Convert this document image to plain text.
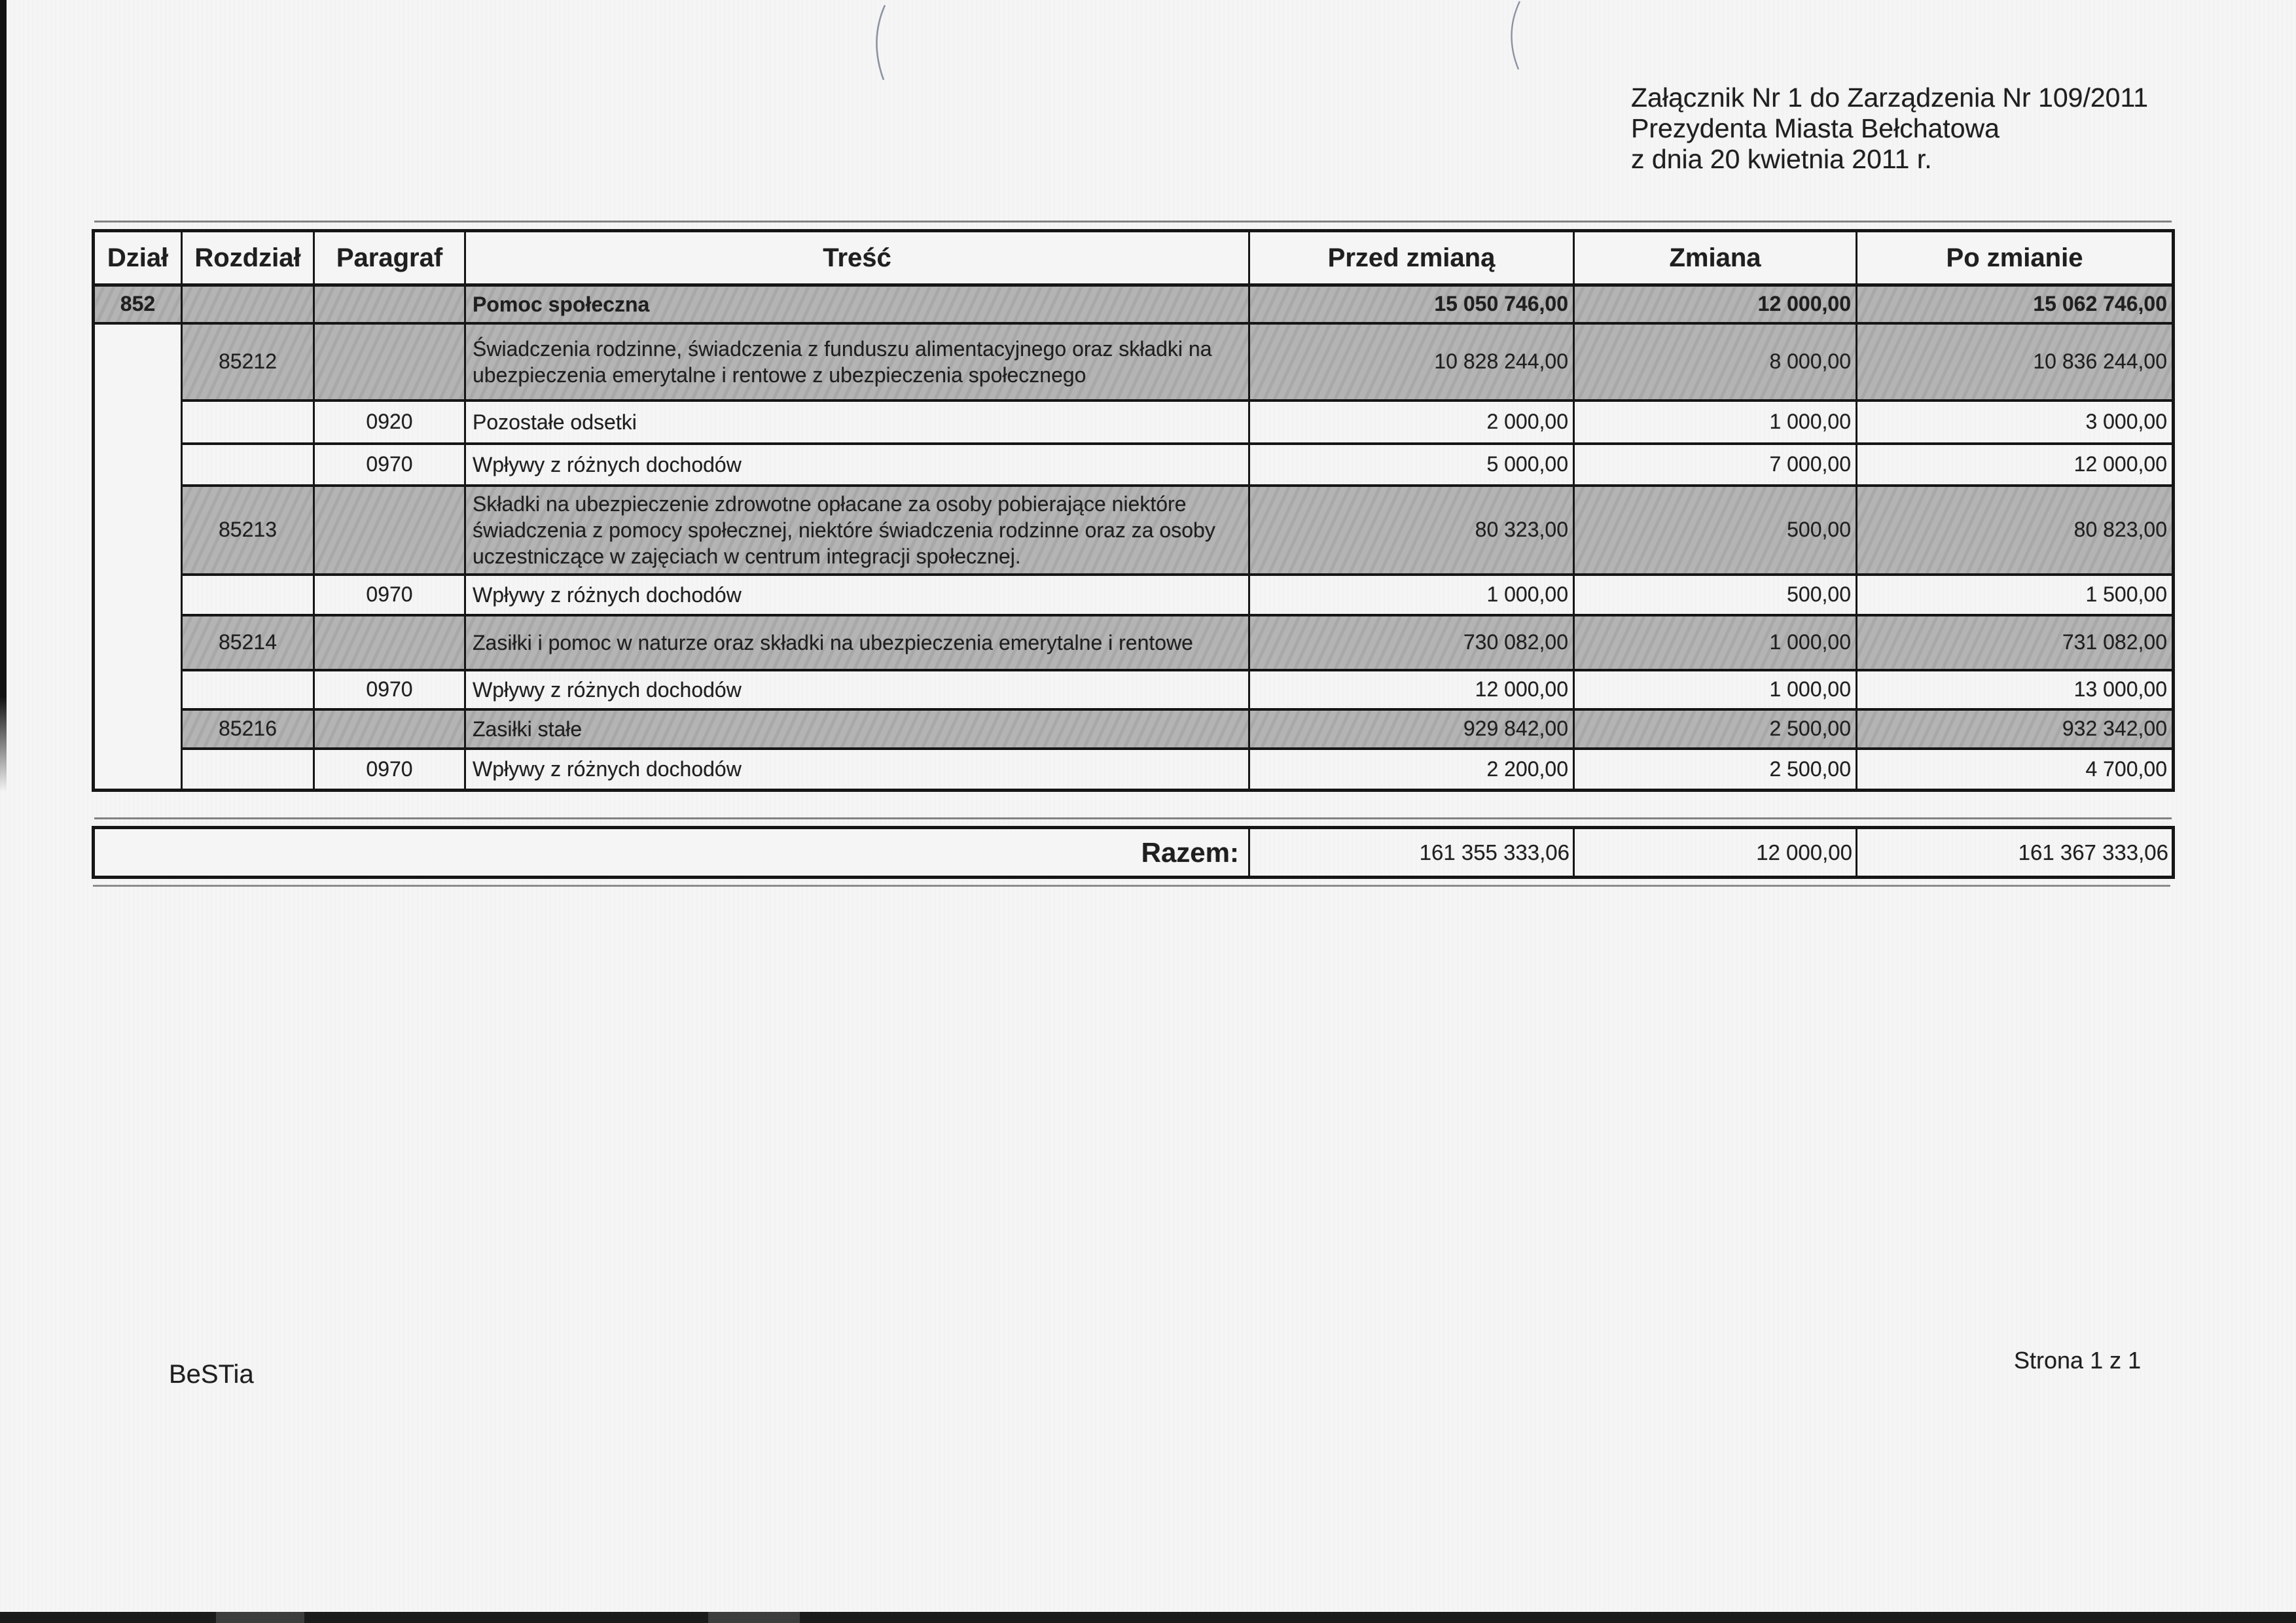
Załącznik Nr 1 do Zarządzenia Nr 109/2011
Prezydenta Miasta Bełchatowa
z dnia 20 kwietnia 2011 r.
Dział	Rozdział	Paragraf	Treść	Przed zmianą	Zmiana	Po zmianie
852			Pomoc społeczna	15 050 746,00	12 000,00	15 062 746,00
	85212		Świadczenia rodzinne, świadczenia z funduszu alimentacyjnego oraz składki na ubezpieczenia emerytalne i rentowe z ubezpieczenia społecznego	10 828 244,00	8 000,00	10 836 244,00
		0920	Pozostałe odsetki	2 000,00	1 000,00	3 000,00
		0970	Wpływy z różnych dochodów	5 000,00	7 000,00	12 000,00
	85213		Składki na ubezpieczenie zdrowotne opłacane za osoby pobierające niektóre świadczenia z pomocy społecznej, niektóre świadczenia rodzinne oraz za osoby uczestniczące w zajęciach w centrum integracji społecznej.	80 323,00	500,00	80 823,00
		0970	Wpływy z różnych dochodów	1 000,00	500,00	1 500,00
	85214		Zasiłki i pomoc w naturze oraz składki na ubezpieczenia emerytalne i rentowe	730 082,00	1 000,00	731 082,00
		0970	Wpływy z różnych dochodów	12 000,00	1 000,00	13 000,00
	85216		Zasiłki stałe	929 842,00	2 500,00	932 342,00
		0970	Wpływy z różnych dochodów	2 200,00	2 500,00	4 700,00
Razem:	161 355 333,06	12 000,00	161 367 333,06
BeSTia	Strona 1 z 1
